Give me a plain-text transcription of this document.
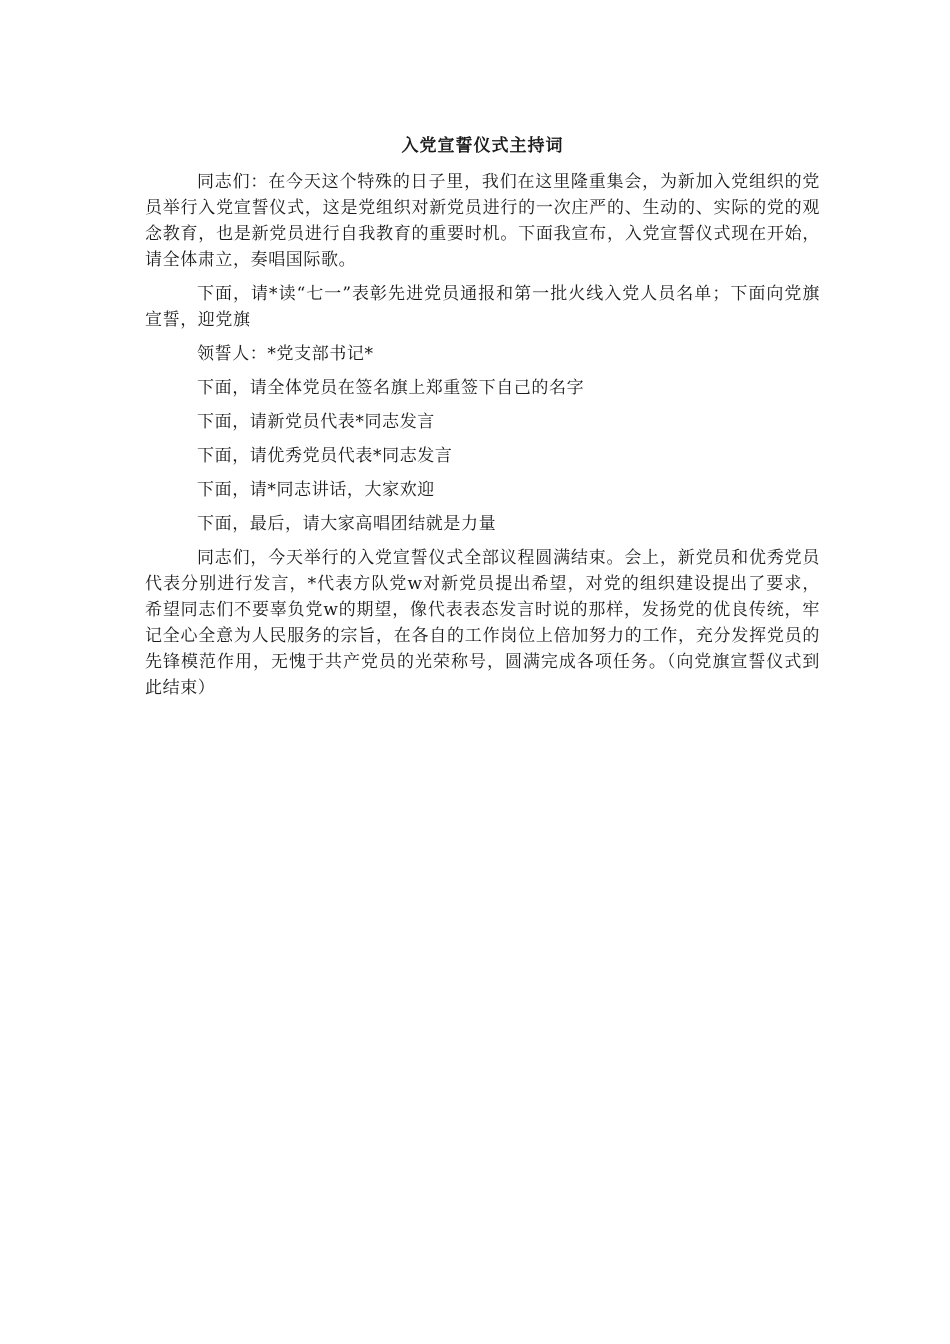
入党宣誓仪式主持词

同志们：在今天这个特殊的日子里，我们在这里隆重集会，为新加入党组织的党员举行入党宣誓仪式，这是党组织对新党员进行的一次庄严的、生动的、实际的党的观念教育，也是新党员进行自我教育的重要时机。下面我宣布，入党宣誓仪式现在开始，请全体肃立，奏唱国际歌。

下面，请*读“七一”表彰先进党员通报和第一批火线入党人员名单；下面向党旗宣誓，迎党旗

领誓人：*党支部书记*

下面，请全体党员在签名旗上郑重签下自己的名字

下面，请新党员代表*同志发言

下面，请优秀党员代表*同志发言

下面，请*同志讲话，大家欢迎

下面，最后，请大家高唱团结就是力量

同志们，今天举行的入党宣誓仪式全部议程圆满结束。会上，新党员和优秀党员代表分别进行发言，*代表方队党w对新党员提出希望，对党的组织建设提出了要求，希望同志们不要辜负党w的期望，像代表表态发言时说的那样，发扬党的优良传统，牢记全心全意为人民服务的宗旨，在各自的工作岗位上倍加努力的工作，充分发挥党员的先锋模范作用，无愧于共产党员的光荣称号，圆满完成各项任务。（向党旗宣誓仪式到此结束）
